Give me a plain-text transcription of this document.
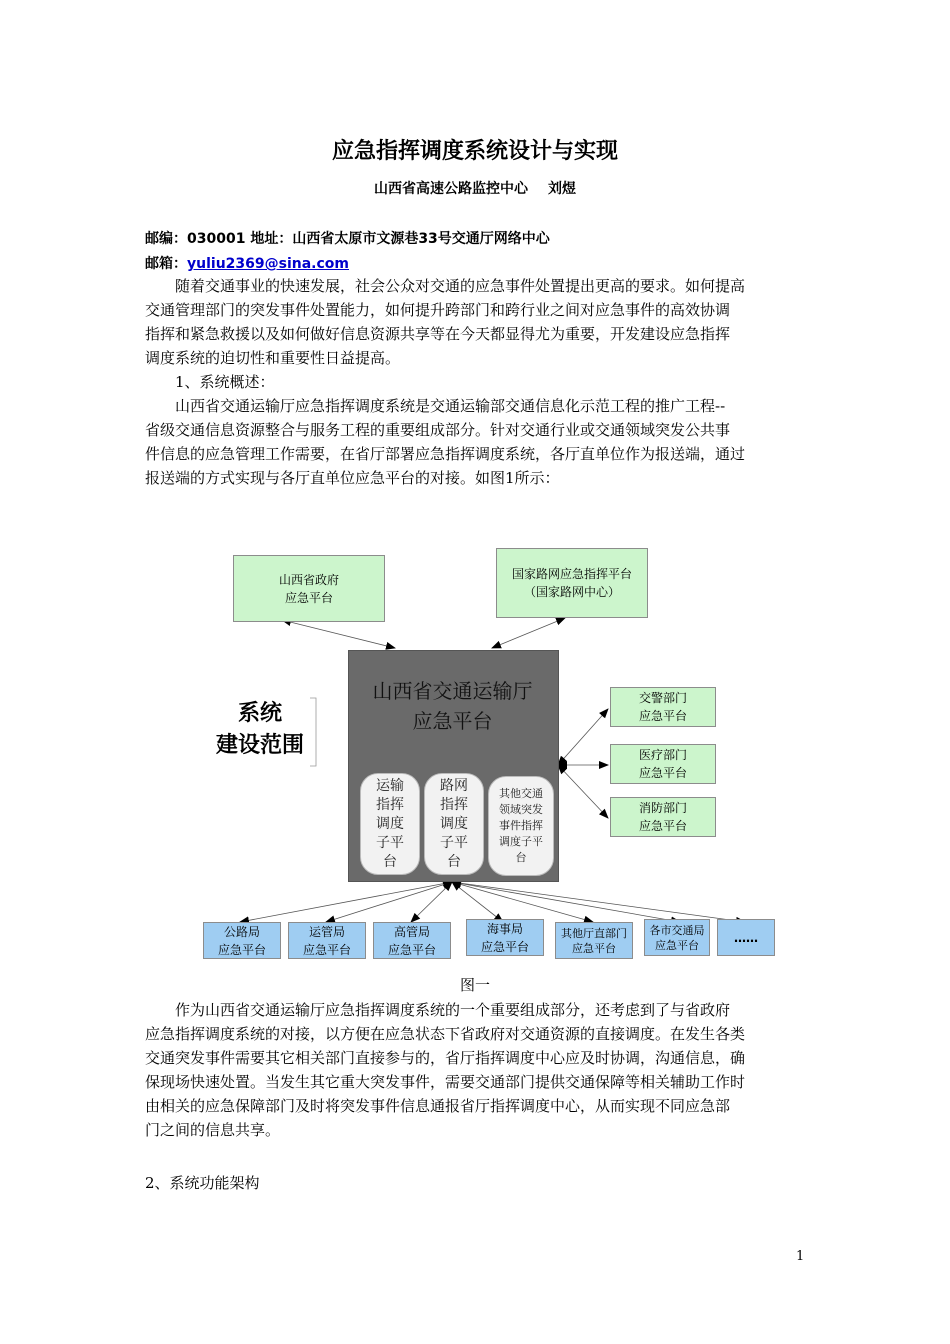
应急指挥调度系统设计与实现
山西省高速公路监控中心 刘煜
邮编：030001 地址：山西省太原市文源巷33号交通厅网络中心
邮箱：yuliu2369@sina.com
随着交通事业的快速发展，社会公众对交通的应急事件处置提出更高的要求。如何提高
交通管理部门的突发事件处置能力，如何提升跨部门和跨行业之间对应急事件的高效协调
指挥和紧急救援以及如何做好信息资源共享等在今天都显得尤为重要，开发建设应急指挥
调度系统的迫切性和重要性日益提高。
1、系统概述：
山西省交通运输厅应急指挥调度系统是交通运输部交通信息化示范工程的推广工程--
省级交通信息资源整合与服务工程的重要组成部分。针对交通行业或交通领域突发公共事
件信息的应急管理工作需要，在省厅部署应急指挥调度系统，各厅直单位作为报送端，通过
报送端的方式实现与各厅直单位应急平台的对接。如图1所示：
山西省政府
应急平台
国家路网应急指挥平台
（国家路网中心）
山西省交通运输厅
应急平台
运输
指挥
调度
子平
台
路网
指挥
调度
子平
台
其他交通
领域突发
事件指挥
调度子平
台
系统
建设范围
交警部门
应急平台
医疗部门
应急平台
消防部门
应急平台
公路局
应急平台
运管局
应急平台
高管局
应急平台
海事局
应急平台
其他厅直部门
应急平台
各市交通局
应急平台
……
图一
作为山西省交通运输厅应急指挥调度系统的一个重要组成部分，还考虑到了与省政府
应急指挥调度系统的对接，以方便在应急状态下省政府对交通资源的直接调度。在发生各类
交通突发事件需要其它相关部门直接参与的，省厅指挥调度中心应及时协调，沟通信息，确
保现场快速处置。当发生其它重大突发事件，需要交通部门提供交通保障等相关辅助工作时
由相关的应急保障部门及时将突发事件信息通报省厅指挥调度中心，从而实现不同应急部
门之间的信息共享。
2、系统功能架构
1
